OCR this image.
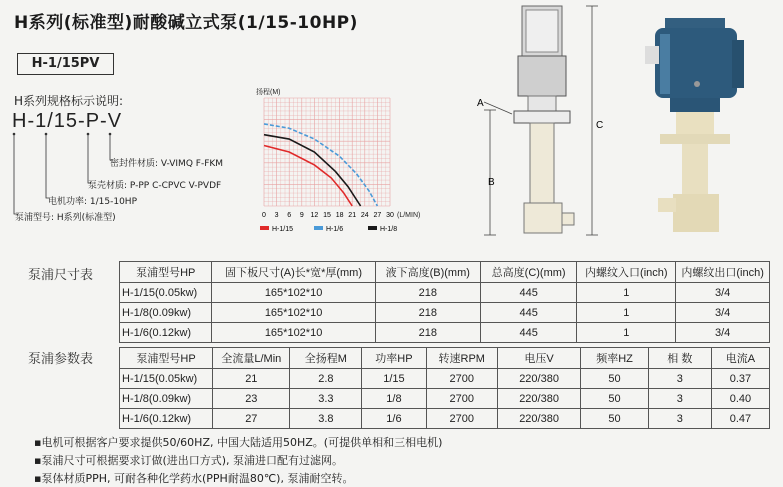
H系列(标准型)耐酸碱立式泵(1/15-10HP)
H-1/15PV
H系列规格标示说明:
H-1/15-P-V
密封件材质: V-VIMQ F-FKM
泵壳材质: P-PP C-CPVC V-PVDF
电机功率: 1/15-10HP
泵浦型号: H系列(标准型)
扬程(M)
0 3 6 9 12 15 18 21 24 27 30 (L/MIN)
H-1/15	H-1/6	H-1/8
A
B
C
泵浦尺寸表	泵浦型号HP	固下板尺寸(A)长*宽*厚(mm)	液下高度(B)(mm)	总高度(C)(mm)	内螺纹入口(inch)	内螺纹出口(inch)
H-1/15(0.05kw)	165*102*10	218	445	1	3/4
H-1/8(0.09kw)	165*102*10	218	445	1	3/4
H-1/6(0.12kw)	165*102*10	218	445	1	3/4
泵浦参数表	泵浦型号HP	全流量L/Min	全扬程M	功率HP	转速RPM	电压V	频率HZ	相 数	电流A
H-1/15(0.05kw)	21	2.8	1/15	2700	220/380	50	3	0.37
H-1/8(0.09kw)	23	3.3	1/8	2700	220/380	50	3	0.40
H-1/6(0.12kw)	27	3.8	1/6	2700	220/380	50	3	0.47
▪电机可根据客户要求提供50/60HZ, 中国大陆适用50HZ。(可提供单相和三相电机)
▪泵浦尺寸可根据要求订做(进出口方式), 泵浦进口配有过滤网。
▪泵体材质PPH, 可耐各种化学药水(PPH耐温80℃), 泵浦耐空转。
